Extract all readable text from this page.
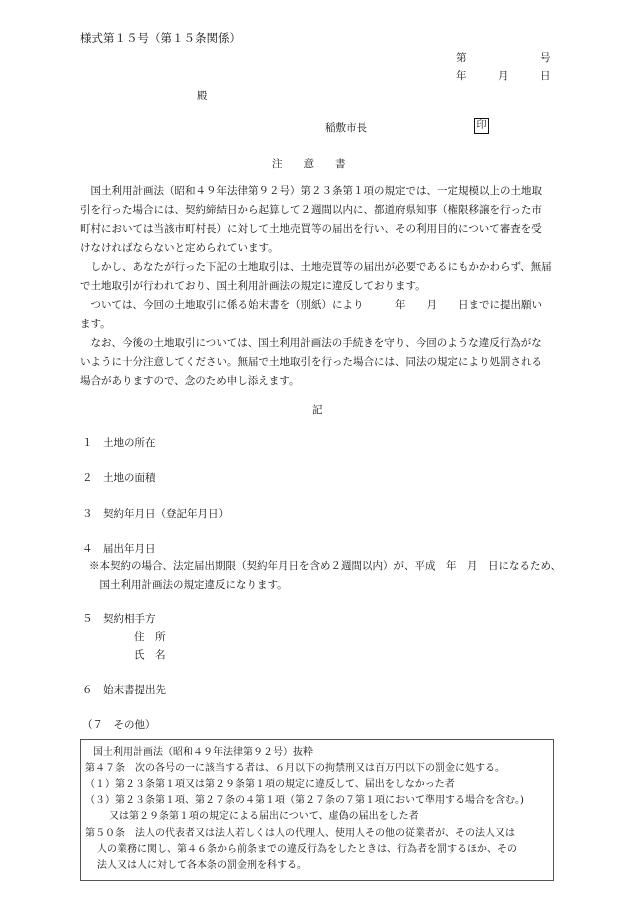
様式第１５号（第１５条関係）
第	号
年	月	日
殿
稲敷市長	印
注　　意　　書
国土利用計画法（昭和４９年法律第９２号）第２３条第１項の規定では、一定規模以上の土地取引を行った場合には、契約締結日から起算して２週間以内に、都道府県知事（権限移譲を行った市町村においては当該市町村長）に対して土地売買等の届出を行い、その利用目的について審査を受けなければならないと定められています。
しかし、あなたが行った下記の土地取引は、土地売買等の届出が必要であるにもかかわらず、無届で土地取引が行われており、国土利用計画法の規定に違反しております。
ついては、今回の土地取引に係る始末書を（別紙）により　　　年　　月　　日までに提出願います。
なお、今後の土地取引については、国土利用計画法の手続きを守り、今回のような違反行為がないように十分注意してください。無届で土地取引を行った場合には、同法の規定により処罰される場合がありますので、念のため申し添えます。
記
１　土地の所在
２　土地の面積
３　契約年月日（登記年月日）
４　届出年月日
※本契約の場合、法定届出期限（契約年月日を含め２週間以内）が、平成　年　月　日になるため、国土利用計画法の規定違反になります。
５　契約相手方
住　所
氏　名
６　始末書提出先
（７　その他）
国土利用計画法（昭和４９年法律第９２号）抜粋
第４７条　次の各号の一に該当する者は、６月以下の拘禁刑又は百万円以下の罰金に処する。
（１）第２３条第１項又は第２９条第１項の規定に違反して、届出をしなかった者
（３）第２３条第１項、第２７条の４第１項（第２７条の７第１項において準用する場合を含む。)
又は第２９条第１項の規定による届出について、虚偽の届出をした者
第５０条　法人の代表者又は法人若しくは人の代理人、使用人その他の従業者が、その法人又は
人の業務に関し、第４６条から前条までの違反行為をしたときは、行為者を罰するほか、その
法人又は人に対して各本条の罰金刑を科する。
